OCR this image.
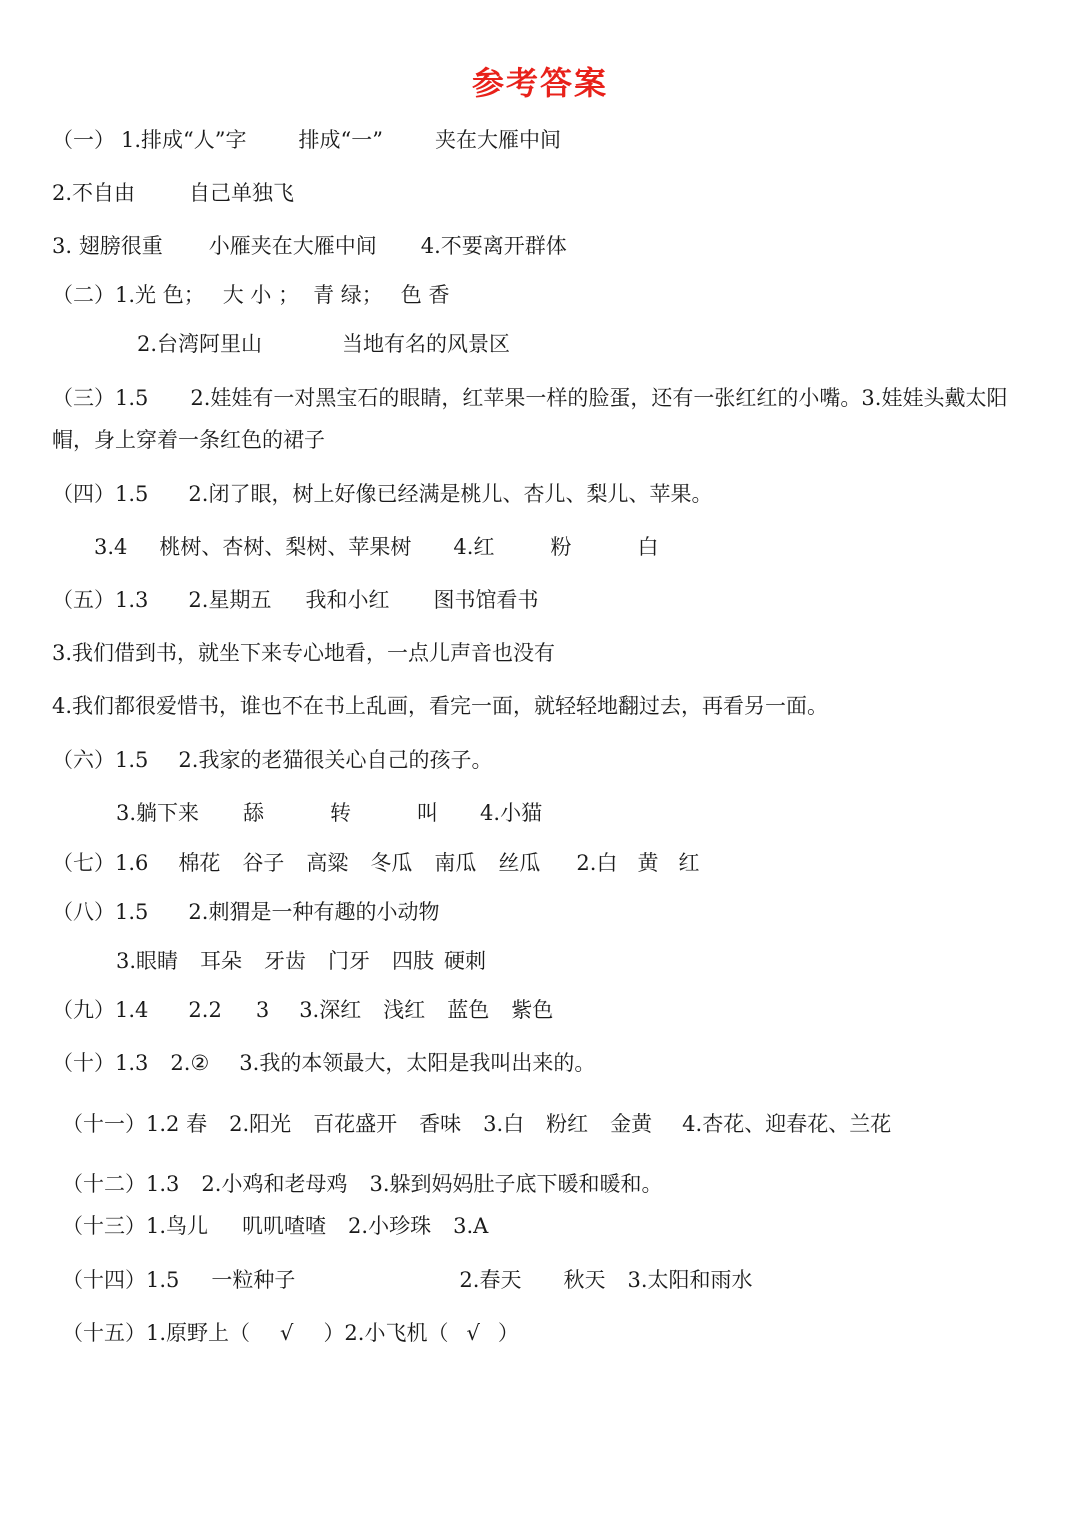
参考答案
（一） 1.排成“人”字 排成“一” 夹在大雁中间
2.不自由	自己单独飞
3. 翅膀很重 小雁夹在大雁中间 4.不要离开群体
（二）1.光 色； 大 小 ； 青 绿； 色 香
2.台湾阿里山	当地有名的风景区
（三）1.5　　2.娃娃有一对黑宝石的眼睛，红苹果一样的脸蛋，还有一张红红的小嘴。3.娃娃头戴太阳帽，身上穿着一条红色的裙子
（四）1.5 2.闭了眼，树上好像已经满是桃儿、杏儿、梨儿、苹果。
3.4 桃树、杏树、梨树、苹果树 4.红	粉	白
（五）1.3 2.星期五 我和小红 图书馆看书
3.我们借到书，就坐下来专心地看，一点儿声音也没有
4.我们都很爱惜书，谁也不在书上乱画，看完一面，就轻轻地翻过去，再看另一面。
（六）1.5 2.我家的老猫很关心自己的孩子。
3.躺下来 舔	转	叫 4.小猫
（七）1.6 棉花 谷子 高粱 冬瓜 南瓜 丝瓜 2.白 黄 红
（八）1.5 2.刺猬是一种有趣的小动物
3.眼睛 耳朵 牙齿 门牙 四肢 硬刺
（九）1.4 2.2 3 3.深红 浅红 蓝色 紫色
（十）1.3 2.② 3.我的本领最大，太阳是我叫出来的。
（十一）1.2 春 2.阳光 百花盛开 香味 3.白 粉红 金黄 4.杏花、迎春花、兰花
（十二）1.3 2.小鸡和老母鸡 3.躲到妈妈肚子底下暖和暖和。
（十三）1.鸟儿 叽叽喳喳 2.小珍珠 3.A
（十四）1.5 一粒种子	2.春天 秋天 3.太阳和雨水
（十五）1.原野上（ √ ）2.小飞机（ √ ）
